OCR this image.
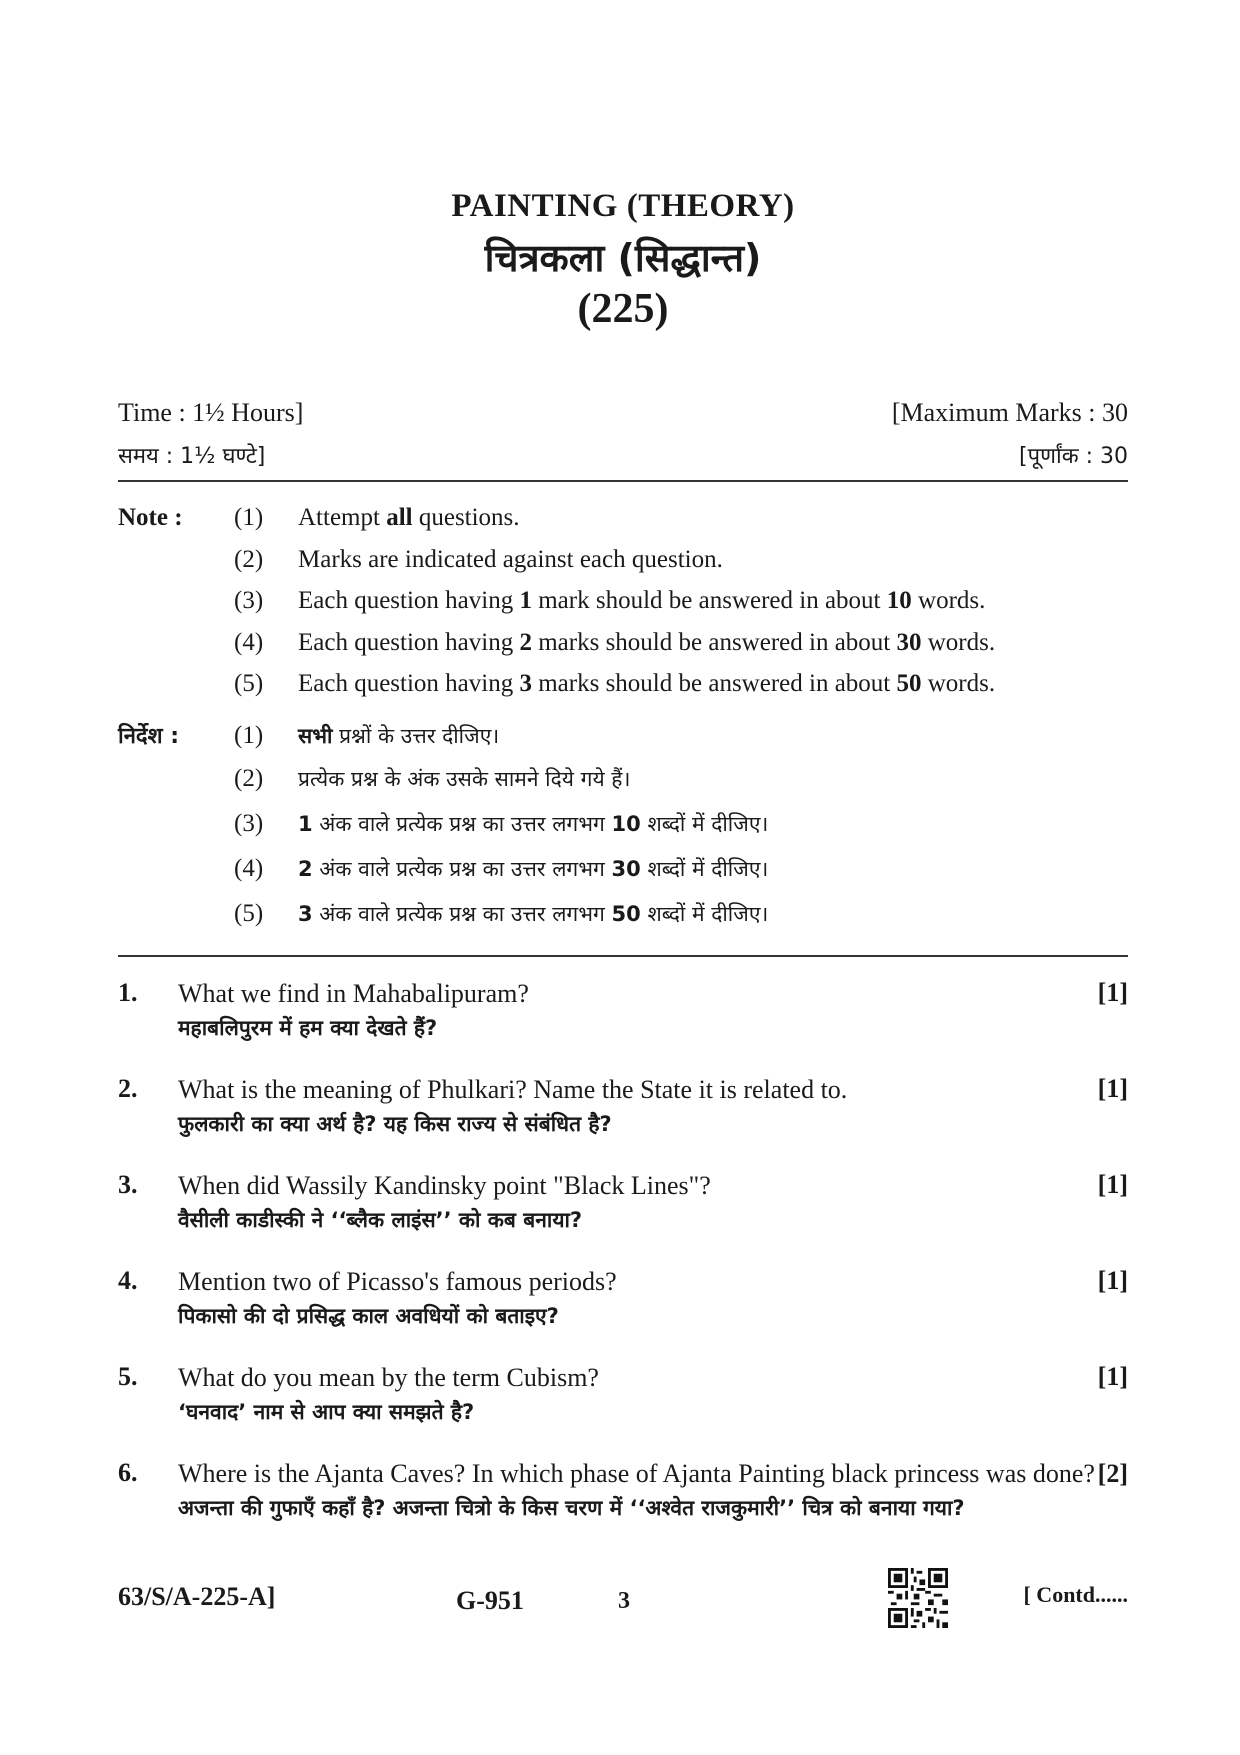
PAINTING (THEORY)
चित्रकला (सिद्धान्त)
(225)
Time : 1½ Hours]	[Maximum Marks : 30
समय : 1½ घण्टे]	[पूर्णांक : 30
Note :	(1)	Attempt all questions.
(2)	Marks are indicated against each question.
(3)	Each question having 1 mark should be answered in about 10 words.
(4)	Each question having 2 marks should be answered in about 30 words.
(5)	Each question having 3 marks should be answered in about 50 words.
निर्देश :	(1)	सभी प्रश्नों के उत्तर दीजिए।
(2)	प्रत्येक प्रश्न के अंक उसके सामने दिये गये हैं।
(3)	1 अंक वाले प्रत्येक प्रश्न का उत्तर लगभग 10 शब्दों में दीजिए।
(4)	2 अंक वाले प्रत्येक प्रश्न का उत्तर लगभग 30 शब्दों में दीजिए।
(5)	3 अंक वाले प्रत्येक प्रश्न का उत्तर लगभग 50 शब्दों में दीजिए।
1.	What we find in Mahabalipuram?
महाबलिपुरम में हम क्या देखते हैं?
[1]
2.	What is the meaning of Phulkari? Name the State it is related to.
फुलकारी का क्या अर्थ है? यह किस राज्य से संबंधित है?
[1]
3.	When did Wassily Kandinsky point "Black Lines"?
वैसीली काडीस्की ने ‘‘ब्लैक लाइंस’’ को कब बनाया?
[1]
4.	Mention two of Picasso's famous periods?
पिकासो की दो प्रसिद्ध काल अवधियों को बताइए?
[1]
5.	What do you mean by the term Cubism?
‘घनवाद’ नाम से आप क्या समझते है?
[1]
6.	Where is the Ajanta Caves? In which phase of Ajanta Painting black princess was done? [2]
अजन्ता की गुफाएँ कहाँ है? अजन्ता चित्रो के किस चरण में ‘‘अश्वेत राजकुमारी’’ चित्र को बनाया गया?
63/S/A-225-A]	G-951	3	[ Contd......
